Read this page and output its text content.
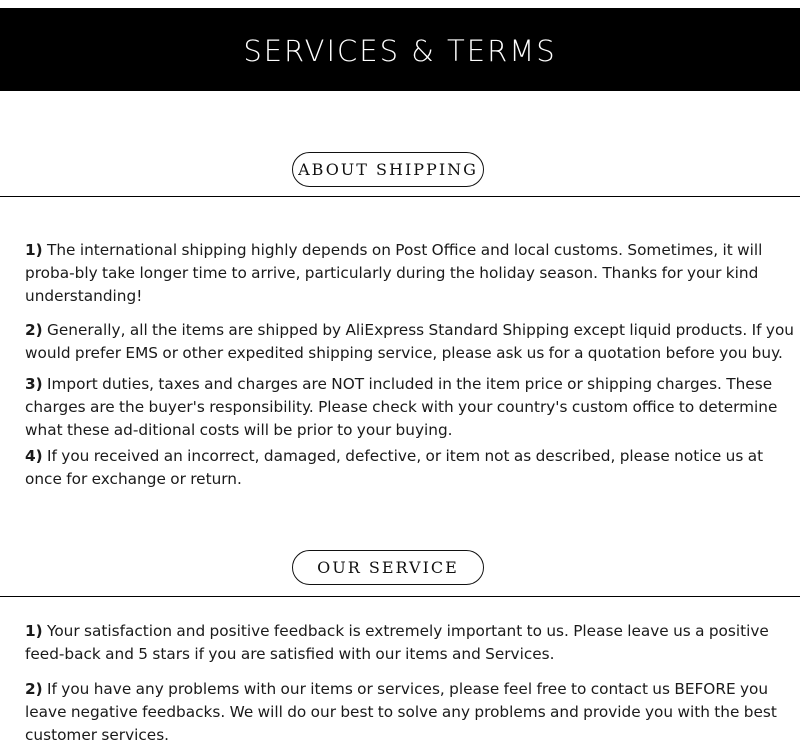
SERVICES & TERMS
ABOUT SHIPPING

1) The international shipping highly depends on Post Office and local customs. Sometimes, it will proba-bly take longer time to arrive, particularly during the holiday season. Thanks for your kind understanding!

2) Generally, all the items are shipped by AliExpress Standard Shipping except liquid products. If you would prefer EMS or other expedited shipping service, please ask us for a quotation before you buy.

3) Import duties, taxes and charges are NOT included in the item price or shipping charges. These charges are the buyer's responsibility. Please check with your country's custom office to determine what these ad-ditional costs will be prior to your buying.

4) If you received an incorrect, damaged, defective, or item not as described, please notice us at once for exchange or return.

OUR SERVICE

1) Your satisfaction and positive feedback is extremely important to us. Please leave us a positive feed-back and 5 stars if you are satisfied with our items and Services.

2) If you have any problems with our items or services, please feel free to contact us BEFORE you leave negative feedbacks. We will do our best to solve any problems and provide you with the best customer services.
